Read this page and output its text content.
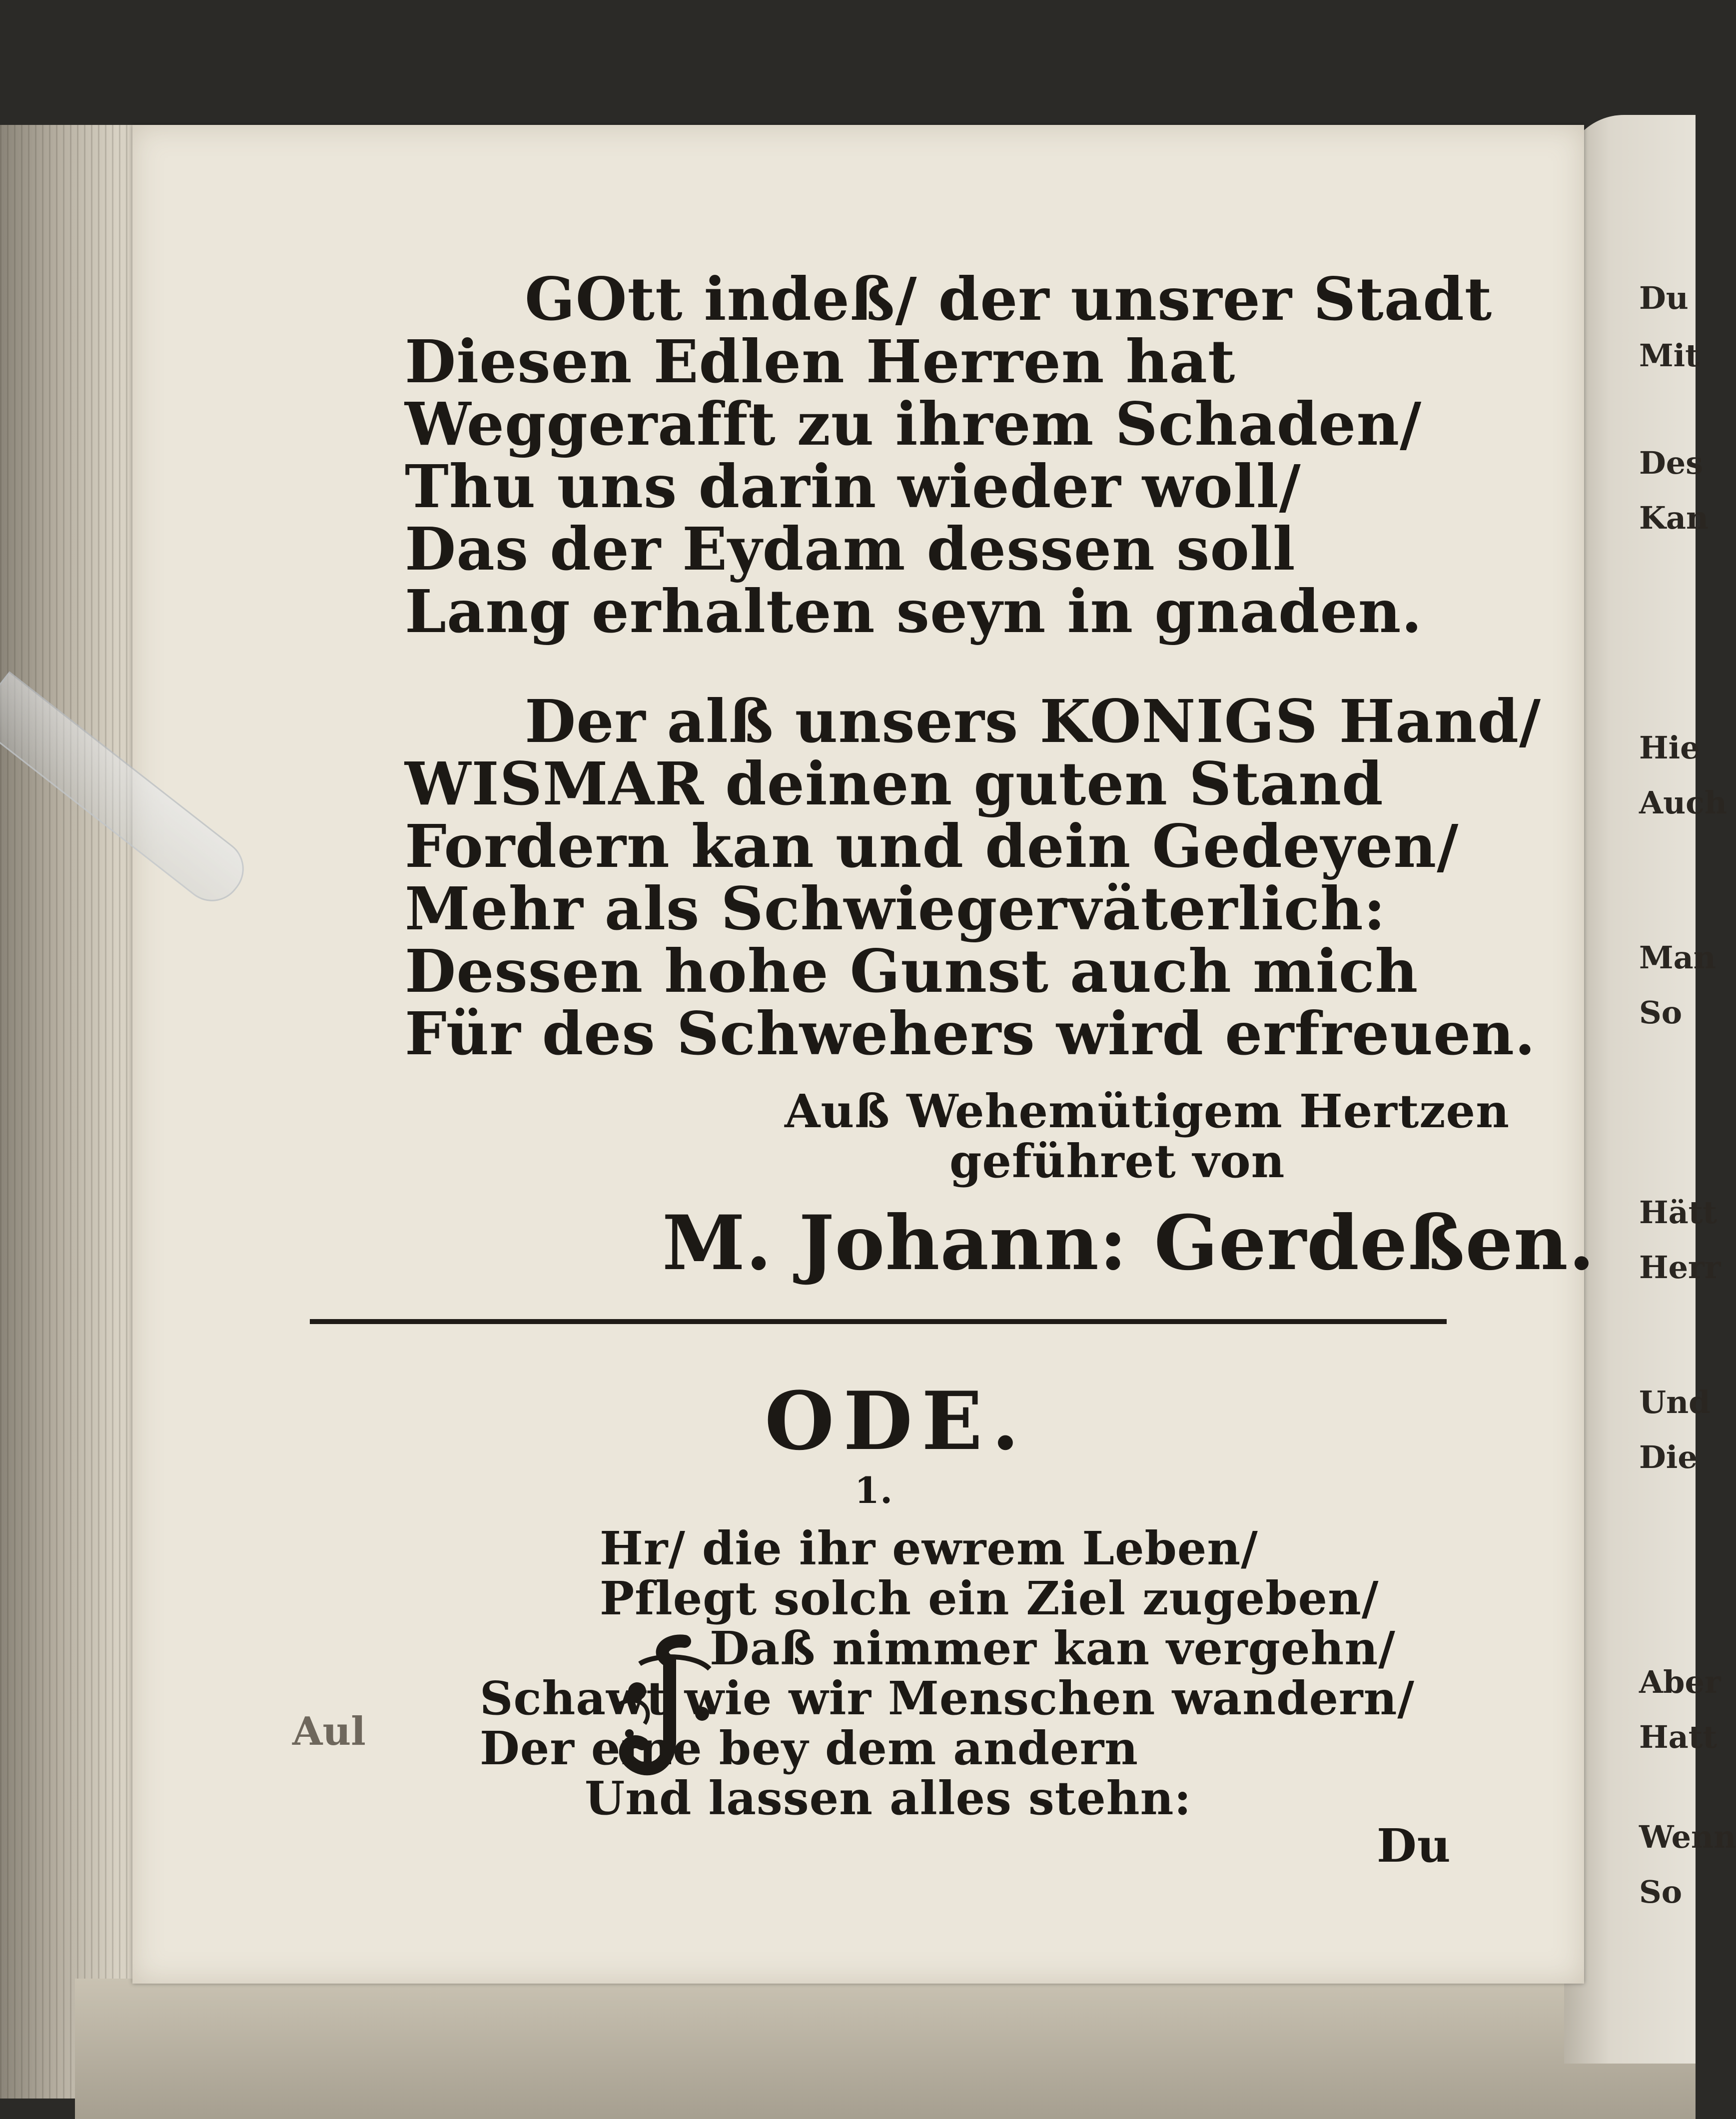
Du
Mit
Des
Kan
Hie
Auch
Man
So
Hätt
Herr
Und
Die
Aber
Hatt
Wenn
So
GOtt indeß/ der unsrer Stadt
Diesen Edlen Herren hat
Weggerafft zu ihrem Schaden/
Thu uns darin wieder woll/
Das der Eydam dessen soll
Lang erhalten seyn in gnaden.
Der alß unsers KONIGS Hand/
WISMAR deinen guten Stand
Fordern kan und dein Gedeyen/
Mehr als Schwiegerväterlich:
Dessen hohe Gunst auch mich
Für des Schwehers wird erfreuen.
Auß Wehemütigem Hertzen
geführet von
M. Johann: Gerdeßen.
ODE.
1.
Hr/ die ihr ewrem Leben/
Pflegt solch ein Ziel zugeben/
Daß nimmer kan vergehn/
Schawt wie wir Menschen wandern/
Der eine bey dem andern
Und lassen alles stehn:
Aul
Du
